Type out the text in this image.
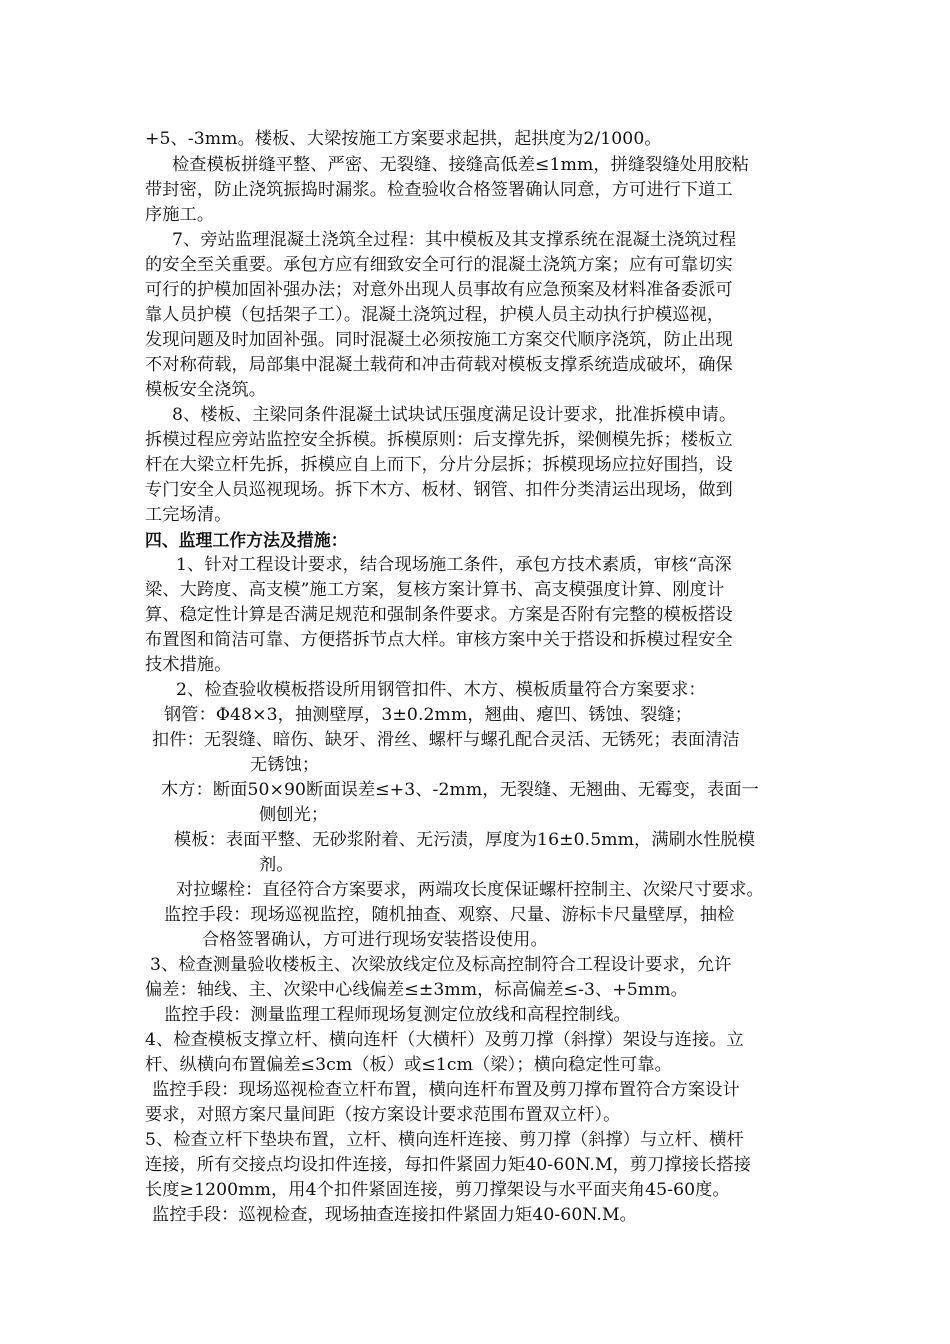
+5、-3mm。楼板、大梁按施工方案要求起拱，起拱度为2/1000。
检查模板拼缝平整、严密、无裂缝、接缝高低差≤1mm，拼缝裂缝处用胶粘
带封密，防止浇筑振捣时漏浆。检查验收合格签署确认同意，方可进行下道工
序施工。
7、旁站监理混凝土浇筑全过程：其中模板及其支撑系统在混凝土浇筑过程
的安全至关重要。承包方应有细致安全可行的混凝土浇筑方案；应有可靠切实
可行的护模加固补强办法；对意外出现人员事故有应急预案及材料准备委派可
靠人员护模（包括架子工）。混凝土浇筑过程，护模人员主动执行护模巡视，
发现问题及时加固补强。同时混凝土必须按施工方案交代顺序浇筑，防止出现
不对称荷载，局部集中混凝土载荷和冲击荷载对模板支撑系统造成破坏，确保
模板安全浇筑。
8、楼板、主梁同条件混凝土试块试压强度满足设计要求，批准拆模申请。
拆模过程应旁站监控安全拆模。拆模原则：后支撑先拆，梁侧模先拆；楼板立
杆在大梁立杆先拆，拆模应自上而下，分片分层拆；拆模现场应拉好围挡，设
专门安全人员巡视现场。拆下木方、板材、钢管、扣件分类清运出现场，做到
工完场清。
四、监理工作方法及措施：
1、针对工程设计要求，结合现场施工条件，承包方技术素质，审核“高深
梁、大跨度、高支模”施工方案，复核方案计算书、高支模强度计算、刚度计
算、稳定性计算是否满足规范和强制条件要求。方案是否附有完整的模板搭设
布置图和简洁可靠、方便搭拆节点大样。审核方案中关于搭设和拆模过程安全
技术措施。
2、检查验收模板搭设所用钢管扣件、木方、模板质量符合方案要求：
钢管：Φ48×3，抽测壁厚，3±0.2mm，翘曲、瘪凹、锈蚀、裂缝；
扣件：无裂缝、暗伤、缺牙、滑丝、螺杆与螺孔配合灵活、无锈死；表面清洁
无锈蚀；
木方：断面50×90断面误差≤+3、-2mm，无裂缝、无翘曲、无霉变，表面一
侧刨光；
模板：表面平整、无砂浆附着、无污渍，厚度为16±0.5mm，满刷水性脱模
剂。
对拉螺栓：直径符合方案要求，两端攻长度保证螺杆控制主、次梁尺寸要求。
监控手段：现场巡视监控，随机抽查、观察、尺量、游标卡尺量壁厚，抽检
合格签署确认，方可进行现场安装搭设使用。
3、检查测量验收楼板主、次梁放线定位及标高控制符合工程设计要求，允许
偏差：轴线、主、次梁中心线偏差≤±3mm，标高偏差≤-3、+5mm。
监控手段：测量监理工程师现场复测定位放线和高程控制线。
4、检查模板支撑立杆、横向连杆（大横杆）及剪刀撑（斜撑）架设与连接。立
杆、纵横向布置偏差≤3cm（板）或≤1cm（梁）；横向稳定性可靠。
监控手段：现场巡视检查立杆布置，横向连杆布置及剪刀撑布置符合方案设计
要求，对照方案尺量间距（按方案设计要求范围布置双立杆）。
5、检查立杆下垫块布置，立杆、横向连杆连接、剪刀撑（斜撑）与立杆、横杆
连接，所有交接点均设扣件连接，每扣件紧固力矩40-60N.M，剪刀撑接长搭接
长度≥1200mm，用4个扣件紧固连接，剪刀撑架设与水平面夹角45-60度。
监控手段：巡视检查，现场抽查连接扣件紧固力矩40-60N.M。
